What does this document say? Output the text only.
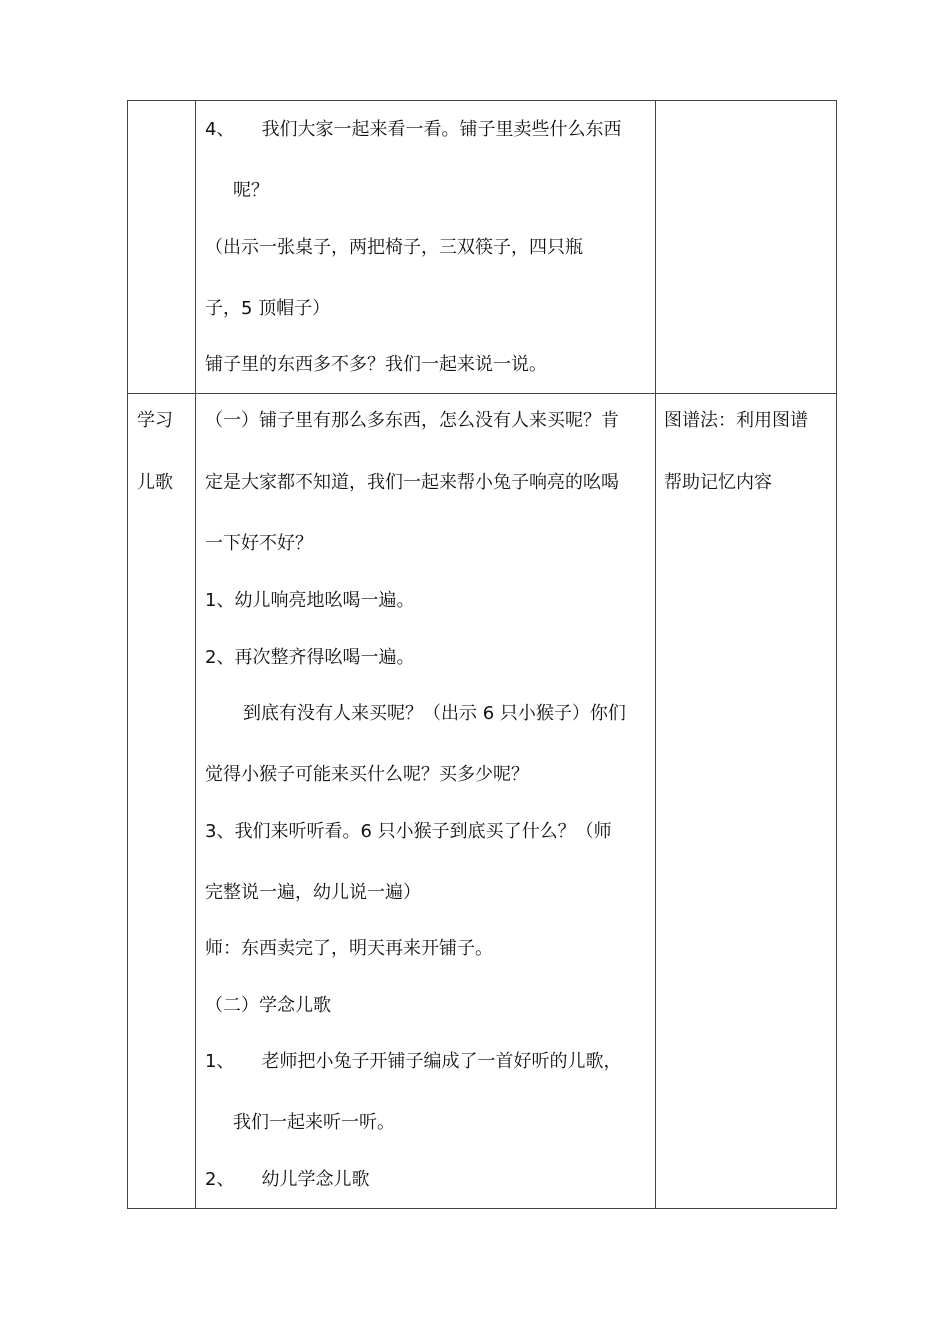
4、　　我们大家一起来看一看。铺子里卖些什么东西
呢？
（出示一张桌子，两把椅子，三双筷子，四只瓶
子，5 顶帽子）
铺子里的东西多不多？我们一起来说一说。
学习
儿歌
（一）铺子里有那么多东西，怎么没有人来买呢？肯
定是大家都不知道，我们一起来帮小兔子响亮的吆喝
一下好不好？
1、幼儿响亮地吆喝一遍。
2、再次整齐得吆喝一遍。
到底有没有人来买呢？（出示 6 只小猴子）你们
觉得小猴子可能来买什么呢？买多少呢？
3、我们来听听看。6 只小猴子到底买了什么？（师
完整说一遍，幼儿说一遍）
师：东西卖完了，明天再来开铺子。
（二）学念儿歌
1、　　老师把小兔子开铺子编成了一首好听的儿歌，
我们一起来听一听。
2、　　幼儿学念儿歌
图谱法：利用图谱
帮助记忆内容
